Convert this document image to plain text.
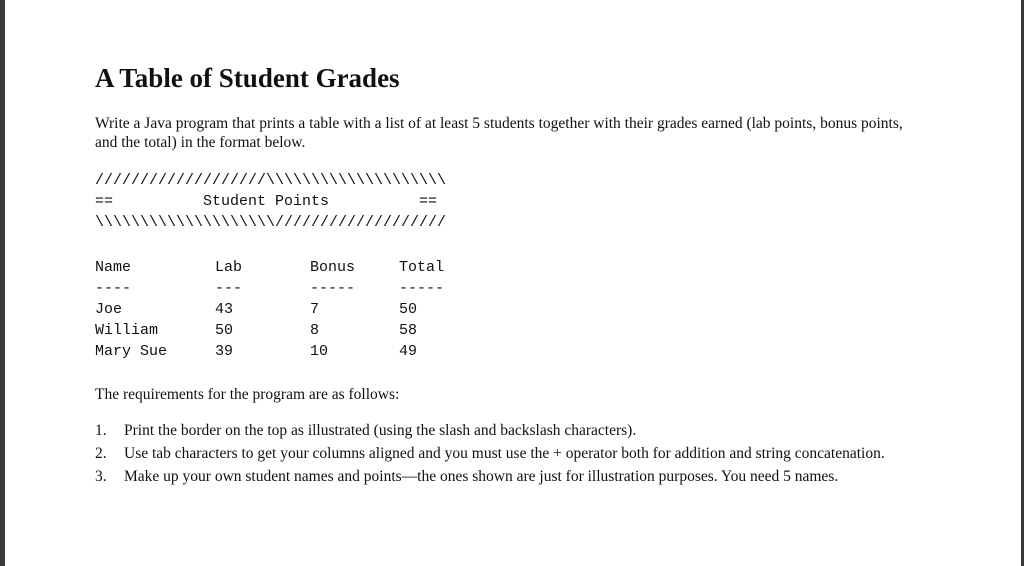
A Table of Student Grades

Write a Java program that prints a table with a list of at least 5 students together with their grades earned (lab points, bonus points, and the total) in the format below.

///////////////////\\\\\\\\\\\\\\\\\\\\
==          Student Points          ==
\\\\\\\\\\\\\\\\\\\\///////////////////
Name	Lab	Bonus	Total
----	---	-----	-----
Joe	43	7	50
William	50	8	58
Mary Sue	39	10	49

The requirements for the program are as follows:

1. Print the border on the top as illustrated (using the slash and backslash characters).
2. Use tab characters to get your columns aligned and you must use the + operator both for addition and string concatenation.
3. Make up your own student names and points—the ones shown are just for illustration purposes. You need 5 names.
